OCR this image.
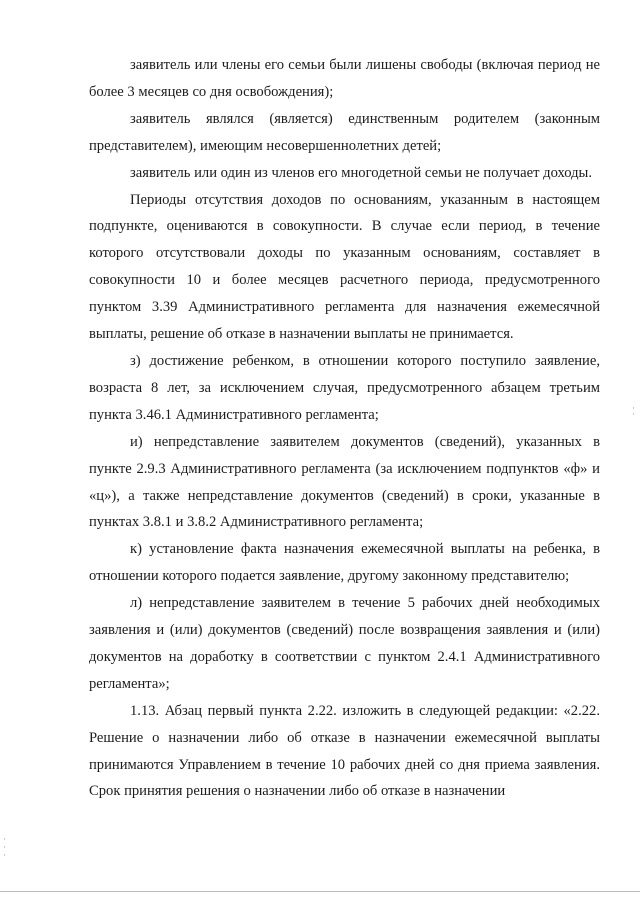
заявитель или члены его семьи были лишены свободы (включая период не более 3 месяцев со дня освобождения);

заявитель являлся (является) единственным родителем (законным представителем), имеющим несовершеннолетних детей;

заявитель или один из членов его многодетной семьи не получает доходы.

Периоды отсутствия доходов по основаниям, указанным в настоящем подпункте, оцениваются в совокупности. В случае если период, в течение которого отсутствовали доходы по указанным основаниям, составляет в совокупности 10 и более месяцев расчетного периода, предусмотренного пунктом 3.39 Административного регламента для назначения ежемесячной выплаты, решение об отказе в назначении выплаты не принимается.

з) достижение ребенком, в отношении которого поступило заявление, возраста 8 лет, за исключением случая, предусмотренного абзацем третьим пункта 3.46.1 Административного регламента;

и) непредставление заявителем документов (сведений), указанных в пункте 2.9.3 Административного регламента (за исключением подпунктов «ф» и «ц»), а также непредставление документов (сведений) в сроки, указанные в пунктах 3.8.1 и 3.8.2 Административного регламента;

к) установление факта назначения ежемесячной выплаты на ребенка, в отношении которого подается заявление, другому законному представителю;

л) непредставление заявителем в течение 5 рабочих дней необходимых заявления и (или) документов (сведений) после возвращения заявления и (или) документов на доработку в соответствии с пунктом 2.4.1 Административного регламента»;

1.13. Абзац первый пункта 2.22. изложить в следующей редакции: «2.22. Решение о назначении либо об отказе в назначении ежемесячной выплаты принимаются Управлением в течение 10 рабочих дней со дня приема заявления. Срок принятия решения о назначении либо об отказе в назначении
